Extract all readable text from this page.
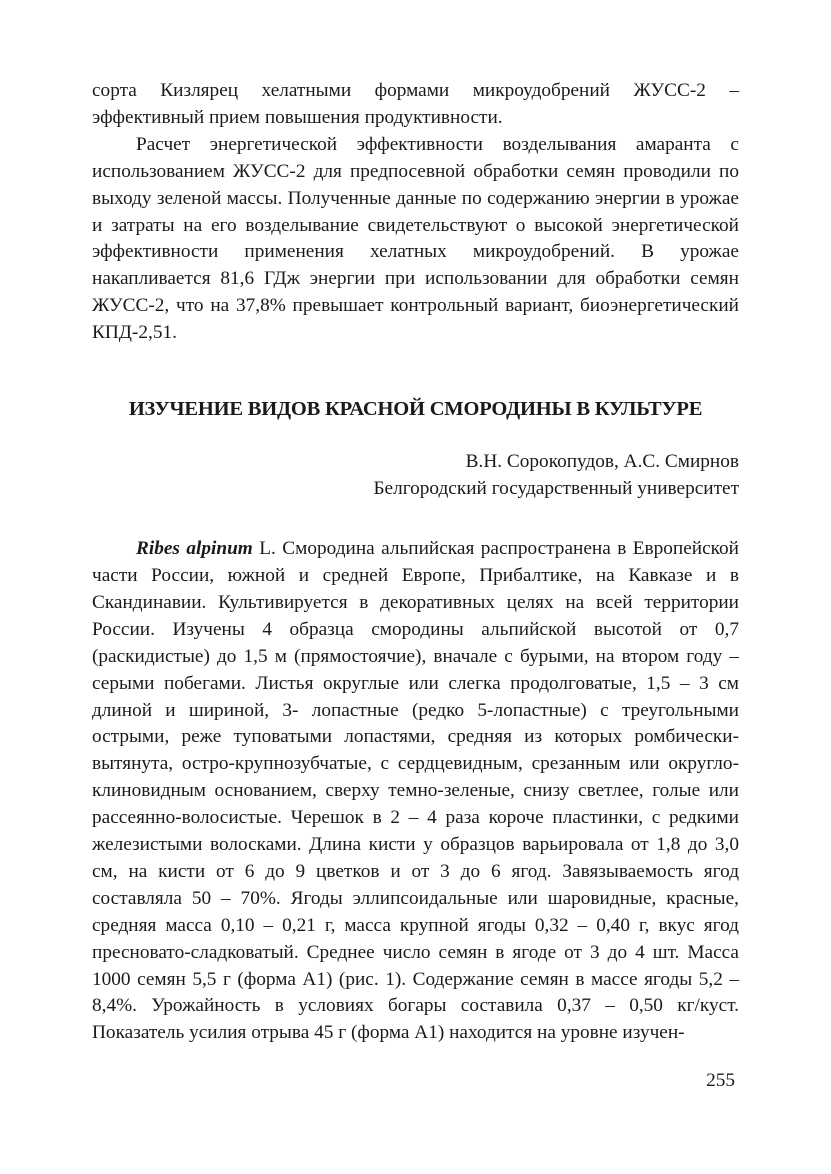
сорта Кизлярец хелатными формами микроудобрений ЖУСС-2 – эффективный прием повышения продуктивности.

Расчет энергетической эффективности возделывания амаранта с использованием ЖУСС-2 для предпосевной обработки семян проводили по выходу зеленой массы. Полученные данные по содержанию энергии в урожае и затраты на его возделывание свидетельствуют о высокой энергетической эффективности применения хелатных микроудобрений. В урожае накапливается 81,6 ГДж энергии при использовании для обработки семян ЖУСС-2, что на 37,8% превышает контрольный вариант, биоэнергетический КПД-2,51.

ИЗУЧЕНИЕ ВИДОВ КРАСНОЙ СМОРОДИНЫ В КУЛЬТУРЕ
В.Н. Сорокопудов, А.С. Смирнов
Белгородский государственный университет

Ribes alpinum L. Смородина альпийская распространена в Европейской части России, южной и средней Европе, Прибалтике, на Кавказе и в Скандинавии. Культивируется в декоративных целях на всей территории России. Изучены 4 образца смородины альпийской высотой от 0,7 (раскидистые) до 1,5 м (прямостоячие), вначале с бурыми, на втором году – серыми побегами. Листья округлые или слегка продолговатые, 1,5 – 3 см длиной и шириной, 3- лопастные (редко 5-лопастные) с треугольными острыми, реже туповатыми лопастями, средняя из которых ромбически-вытянута, остро-крупнозубчатые, с сердцевидным, срезанным или округло-клиновидным основанием, сверху темно-зеленые, снизу светлее, голые или рассеянно-волосистые. Черешок в 2 – 4 раза короче пластинки, с редкими железистыми волосками. Длина кисти у образцов варьировала от 1,8 до 3,0 см, на кисти от 6 до 9 цветков и от 3 до 6 ягод. Завязываемость ягод составляла 50 – 70%. Ягоды эллипсоидальные или шаровидные, красные, средняя масса 0,10 – 0,21 г, масса крупной ягоды 0,32 – 0,40 г, вкус ягод пресновато-сладковатый. Среднее число семян в ягоде от 3 до 4 шт. Масса 1000 семян 5,5 г (форма А1) (рис. 1). Содержание семян в массе ягоды 5,2 – 8,4%. Урожайность в условиях богары составила 0,37 – 0,50 кг/куст. Показатель усилия отрыва 45 г (форма А1) находится на уровне изучен-

255
